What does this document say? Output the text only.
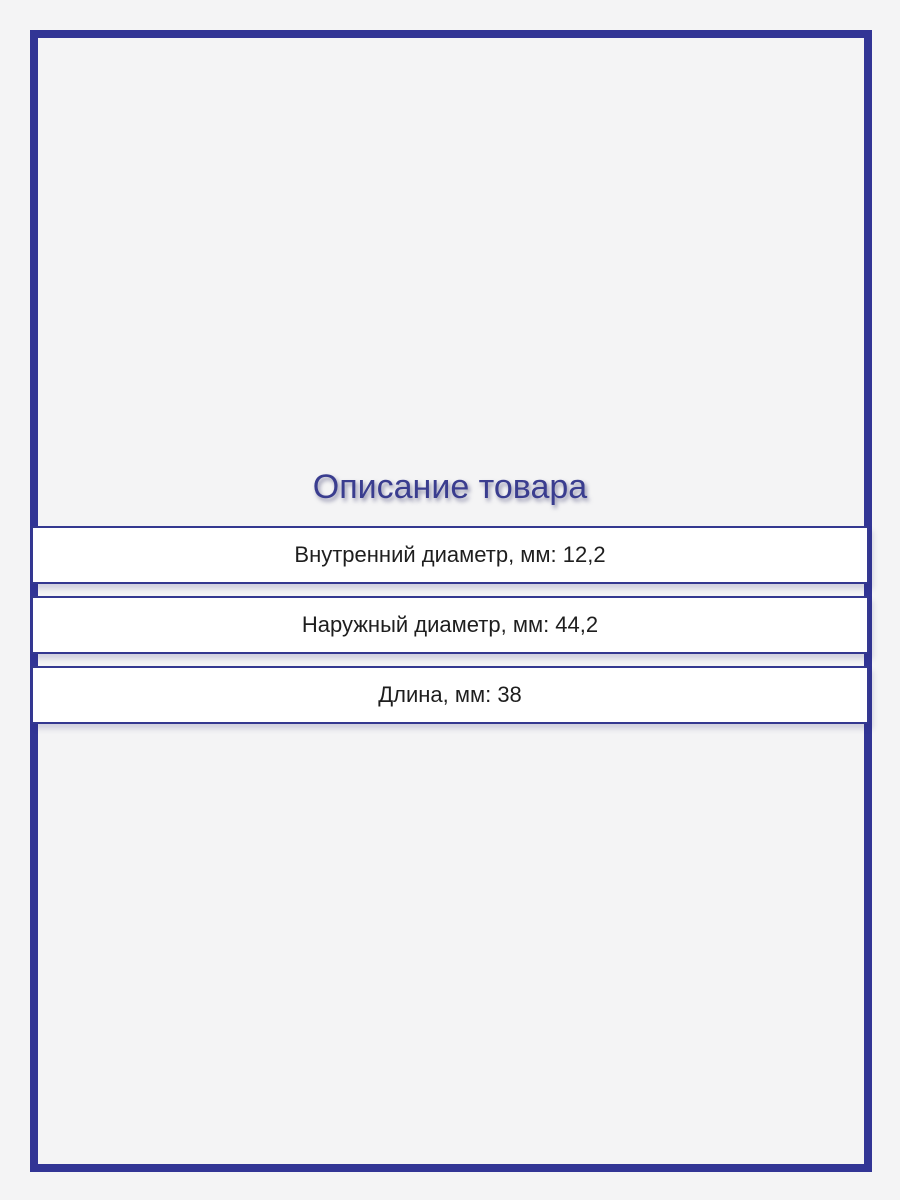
Описание товара
Внутренний диаметр, мм: 12,2
Наружный диаметр, мм: 44,2
Длина, мм: 38
